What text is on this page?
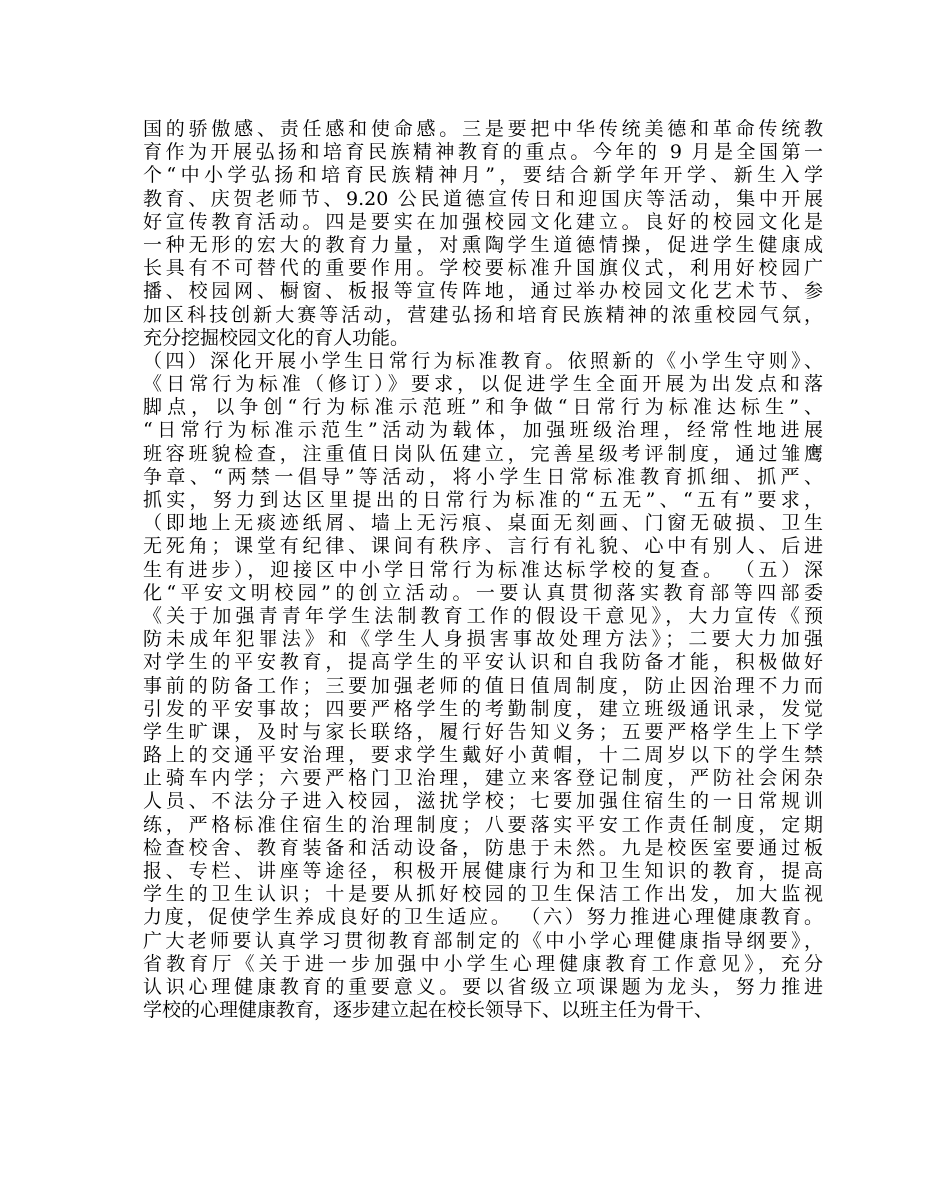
国的骄傲感、责任感和使命感。三是要把中华传统美德和革命传统教
育作为开展弘扬和培育民族精神教育的重点。今年的 9 月是全国第一
个“中小学弘扬和培育民族精神月”，要结合新学年开学、新生入学
教育、庆贺老师节、9.20 公民道德宣传日和迎国庆等活动，集中开展
好宣传教育活动。四是要实在加强校园文化建立。良好的校园文化是
一种无形的宏大的教育力量，对熏陶学生道德情操，促进学生健康成
长具有不可替代的重要作用。学校要标准升国旗仪式，利用好校园广
播、校园网、橱窗、板报等宣传阵地，通过举办校园文化艺术节、参
加区科技创新大赛等活动，营建弘扬和培育民族精神的浓重校园气氛，
充分挖掘校园文化的育人功能。
（四）深化开展小学生日常行为标准教育。依照新的《小学生守则》、
《日常行为标准（修订）》要求，以促进学生全面开展为出发点和落
脚点，以争创“行为标准示范班”和争做“日常行为标准达标生”、
“日常行为标准示范生”活动为载体，加强班级治理，经常性地进展
班容班貌检查，注重值日岗队伍建立，完善星级考评制度，通过雏鹰
争章、“两禁一倡导”等活动，将小学生日常标准教育抓细、抓严、
抓实，努力到达区里提出的日常行为标准的“五无”、“五有”要求，
（即地上无痰迹纸屑、墙上无污痕、桌面无刻画、门窗无破损、卫生
无死角；课堂有纪律、课间有秩序、言行有礼貌、心中有别人、后进
生有进步），迎接区中小学日常行为标准达标学校的复查。 （五）深
化“平安文明校园”的创立活动。一要认真贯彻落实教育部等四部委
《关于加强青青年学生法制教育工作的假设干意见》，大力宣传《预
防未成年犯罪法》和《学生人身损害事故处理方法》；二要大力加强
对学生的平安教育，提高学生的平安认识和自我防备才能，积极做好
事前的防备工作；三要加强老师的值日值周制度，防止因治理不力而
引发的平安事故；四要严格学生的考勤制度，建立班级通讯录，发觉
学生旷课，及时与家长联络，履行好告知义务；五要严格学生上下学
路上的交通平安治理，要求学生戴好小黄帽，十二周岁以下的学生禁
止骑车内学；六要严格门卫治理，建立来客登记制度，严防社会闲杂
人员、不法分子进入校园，滋扰学校；七要加强住宿生的一日常规训
练，严格标准住宿生的治理制度；八要落实平安工作责任制度，定期
检查校舍、教育装备和活动设备，防患于未然。九是校医室要通过板
报、专栏、讲座等途径，积极开展健康行为和卫生知识的教育，提高
学生的卫生认识；十是要从抓好校园的卫生保洁工作出发，加大监视
力度，促使学生养成良好的卫生适应。 （六）努力推进心理健康教育。
广大老师要认真学习贯彻教育部制定的《中小学心理健康指导纲要》，
省教育厅《关于进一步加强中小学生心理健康教育工作意见》，充分
认识心理健康教育的重要意义。要以省级立项课题为龙头，努力推进
学校的心理健康教育，逐步建立起在校长领导下、以班主任为骨干、
